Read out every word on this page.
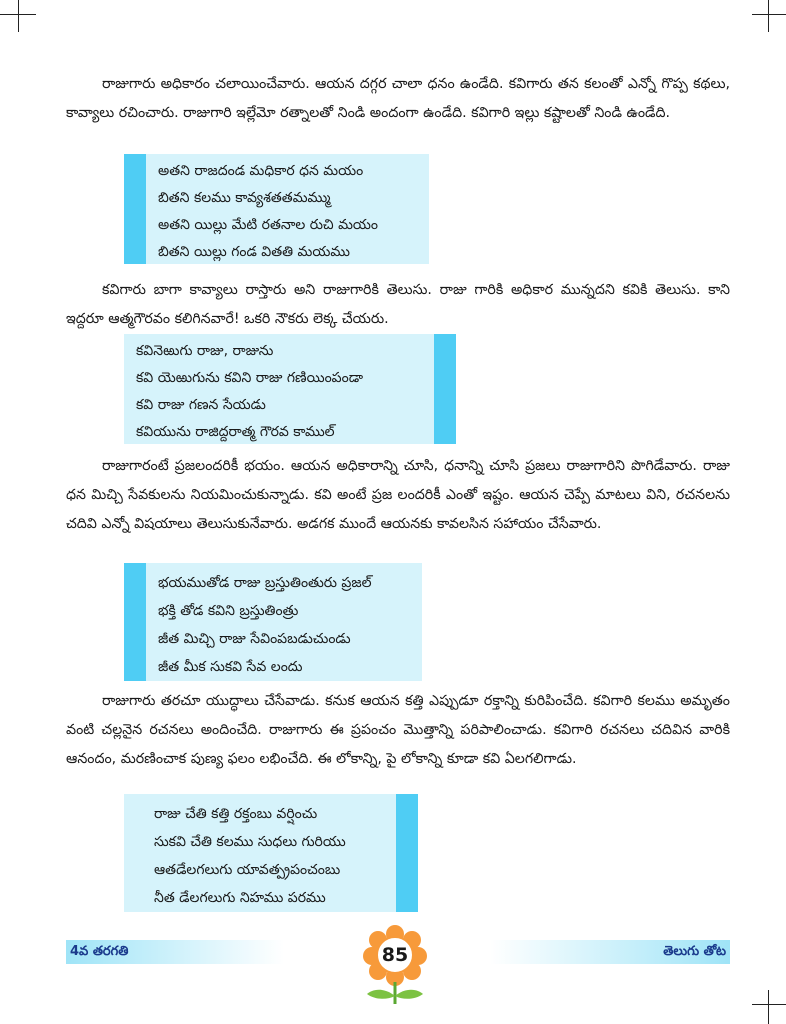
రాజుగారు అధికారం చలాయించేవారు. ఆయన దగ్గర చాలా ధనం ఉండేది. కవిగారు తన కలంతో ఎన్నో గొప్ప కథలు, కావ్యాలు రచించారు. రాజుగారి ఇల్లేమో రత్నాలతో నిండి అందంగా ఉండేది. కవిగారి ఇల్లు కష్టాలతో నిండి ఉండేది.

అతని రాజదండ మధికార ధన మయం
బితని కలము కావ్యశతతమమ్ము
అతని యిల్లు మేటి రతనాల రుచి మయం
బితని యిల్లు గండ వితతి మయము

కవిగారు బాగా కావ్యాలు రాస్తారు అని రాజుగారికి తెలుసు. రాజు గారికి అధికార మున్నదని కవికి తెలుసు. కాని ఇద్దరూ ఆత్మగౌరవం కలిగినవారే! ఒకరి నౌకరు లెక్క చేయరు.

కవినెఱుగు రాజు, రాజును
కవి యెఱుగును కవిని రాజు గణియింపండా
కవి రాజు గణన సేయడు
కవియును రాజిద్దరాత్మ గౌరవ కాముల్

రాజుగారంటే ప్రజలందరికీ భయం. ఆయన అధికారాన్ని చూసి, ధనాన్ని చూసి ప్రజలు రాజుగారిని పొగిడేవారు. రాజు ధన మిచ్చి సేవకులను నియమించుకున్నాడు. కవి అంటే ప్రజ లందరికీ ఎంతో ఇష్టం. ఆయన చెప్పే మాటలు విని, రచనలను చదివి ఎన్నో విషయాలు తెలుసుకునేవారు. అడగక ముందే ఆయనకు కావలసిన సహాయం చేసేవారు.

భయముతోడ రాజు బ్రస్తుతింతురు ప్రజల్
భక్తి తోడ కవిని బ్రస్తుతింత్రు
జీత మిచ్చి రాజు సేవింపబడుచుండు
జీత మీక సుకవి సేవ లందు

రాజుగారు తరచూ యుద్ధాలు చేసేవాడు. కనుక ఆయన కత్తి ఎప్పుడూ రక్తాన్ని కురిపించేది. కవిగారి కలము అమృతం వంటి చల్లనైన రచనలు అందించేది. రాజుగారు ఈ ప్రపంచం మొత్తాన్ని పరిపాలించాడు. కవిగారి రచనలు చదివిన వారికి ఆనందం, మరణించాక పుణ్య ఫలం లభించేది. ఈ లోకాన్ని, పై లోకాన్ని కూడా కవి ఏలగలిగాడు.

రాజు చేతి కత్తి రక్తంబు వర్షించు
సుకవి చేతి కలము సుధలు గురియు
ఆతడేలగలుగు యావత్ప్రపంచంబు
నీత డేలగలుగు నిహము పరము
4వ తరగతి	తెలుగు తోట
85
